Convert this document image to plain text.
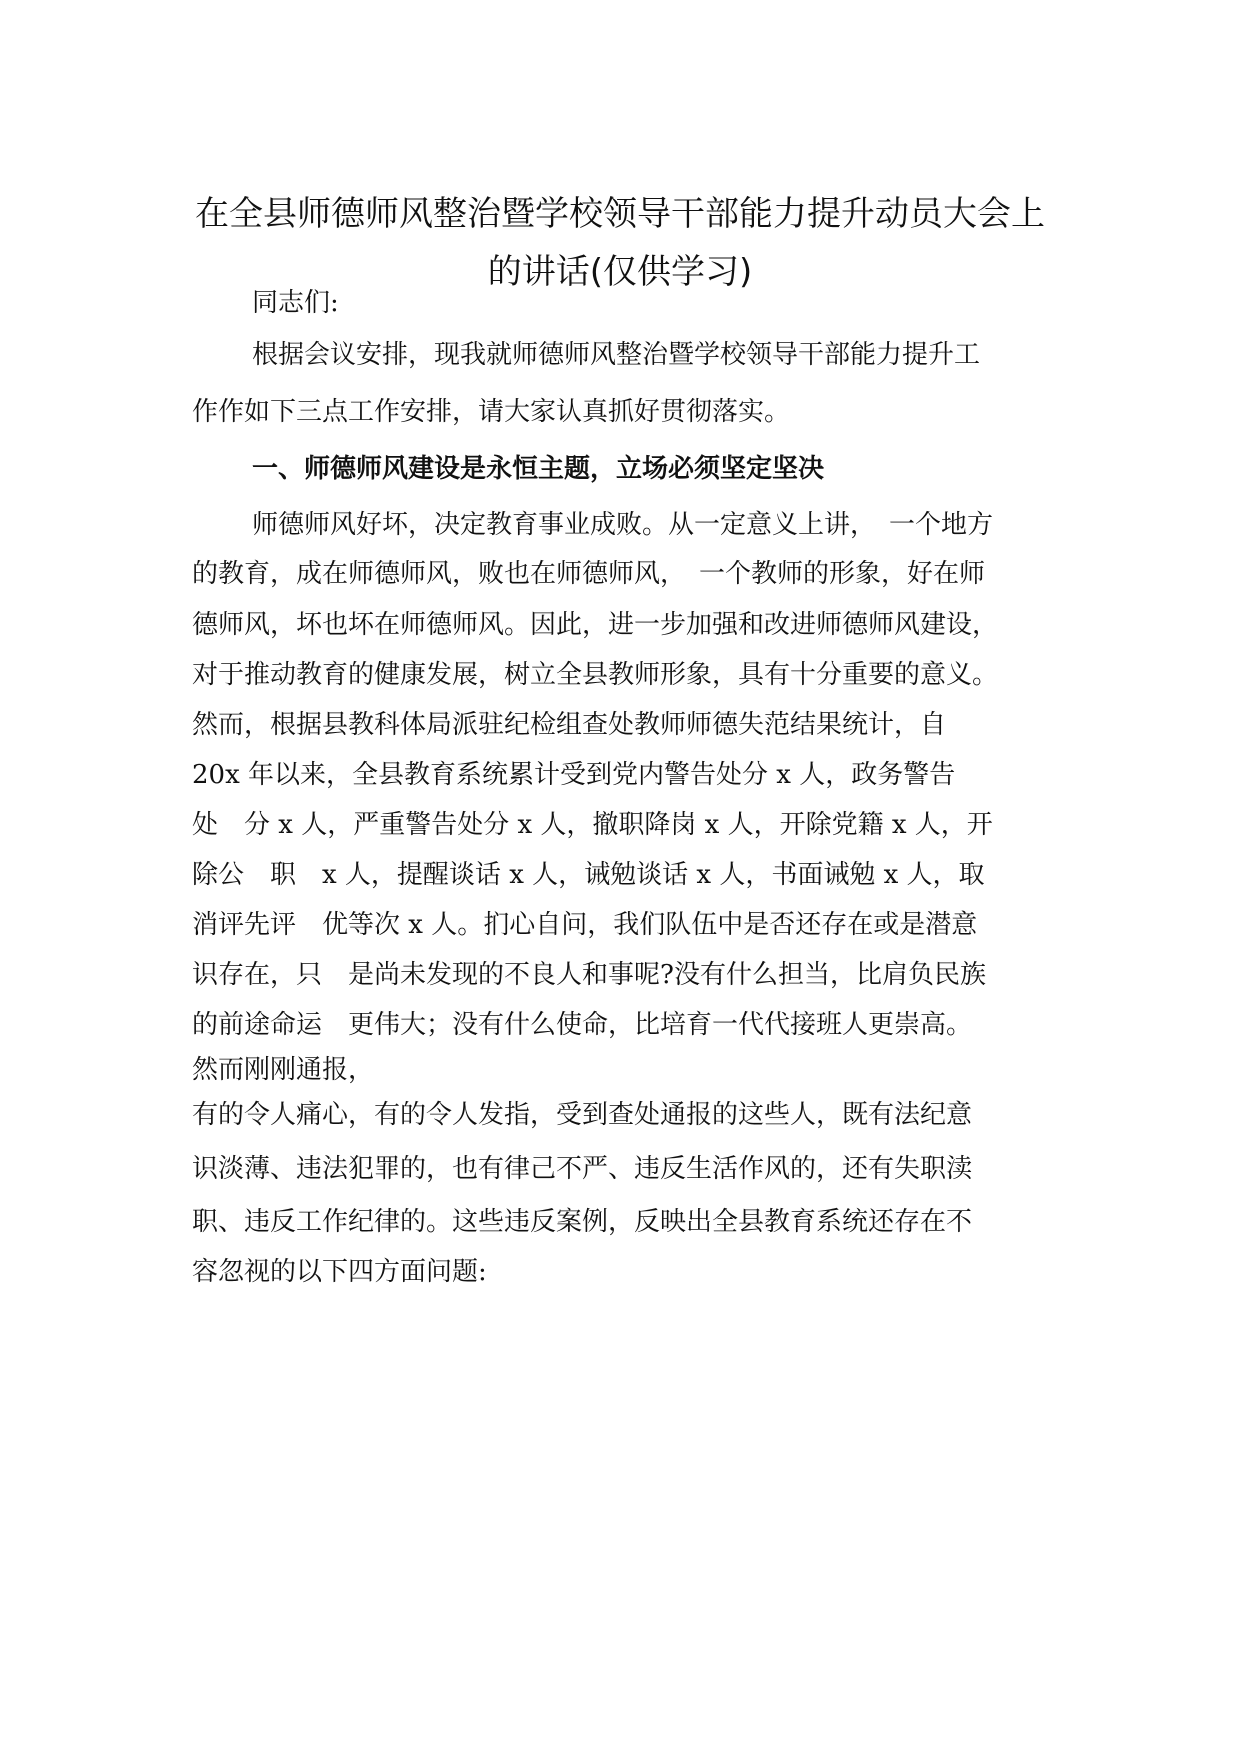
在全县师德师风整治暨学校领导干部能力提升动员大会上
的讲话(仅供学习)
同志们:
根据会议安排，现我就师德师风整治暨学校领导干部能力提升工
作作如下三点工作安排，请大家认真抓好贯彻落实。
一、师德师风建设是永恒主题，立场必须坚定坚决
师德师风好坏，决定教育事业成败。从一定意义上讲，　一个地方
的教育，成在师德师风，败也在师德师风，　一个教师的形象，好在师
德师风，坏也坏在师德师风。因此，进一步加强和改进师德师风建设，
对于推动教育的健康发展，树立全县教师形象，具有十分重要的意义。
然而，根据县教科体局派驻纪检组查处教师师德失范结果统计，自
20x 年以来，全县教育系统累计受到党内警告处分 x 人，政务警告
处　分 x 人，严重警告处分 x 人，撤职降岗 x 人，开除党籍 x 人，开
除公　职　x 人，提醒谈话 x 人，诫勉谈话 x 人，书面诫勉 x 人，取
消评先评　优等次 x 人。扪心自问，我们队伍中是否还存在或是潜意
识存在，只　是尚未发现的不良人和事呢?没有什么担当，比肩负民族
的前途命运　更伟大；没有什么使命，比培育一代代接班人更崇高。
然而刚刚通报，
有的令人痛心，有的令人发指，受到查处通报的这些人，既有法纪意
识淡薄、违法犯罪的，也有律己不严、违反生活作风的，还有失职渎
职、违反工作纪律的。这些违反案例，反映出全县教育系统还存在不
容忽视的以下四方面问题:
